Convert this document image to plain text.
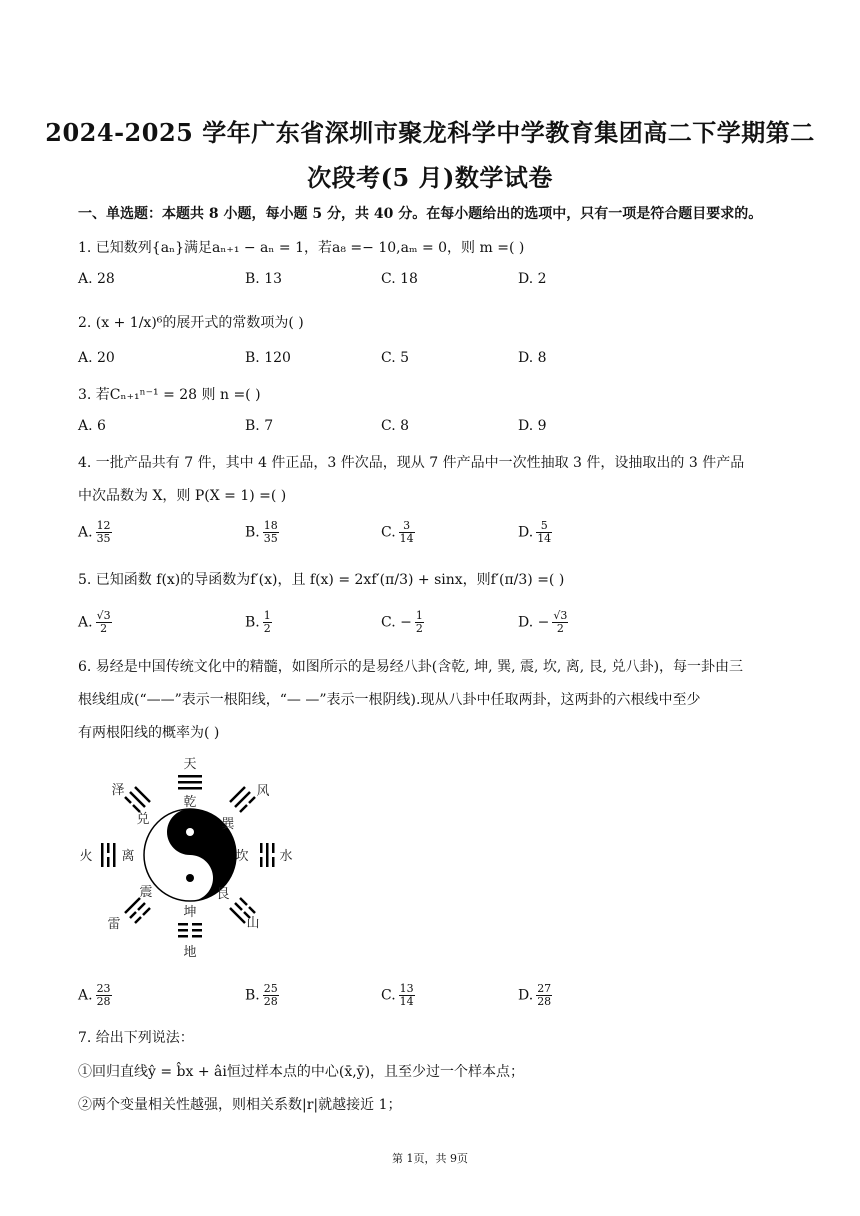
2024-2025 学年广东省深圳市聚龙科学中学教育集团高二下学期第二
次段考(5 月)数学试卷
一、单选题：本题共 8 小题，每小题 5 分，共 40 分。在每小题给出的选项中，只有一项是符合题目要求的。
1. 已知数列{aₙ}满足aₙ₊₁ − aₙ = 1，若a₈ =− 10,aₘ = 0，则 m =( )
A. 28	B. 13	C. 18	D. 2
2. (x + 1/x)⁶的展开式的常数项为( )
A. 20	B. 120	C. 5	D. 8
3. 若Cₙ₊₁ⁿ⁻¹ = 28 则 n =( )
A. 6	B. 7	C. 8	D. 9
4. 一批产品共有 7 件，其中 4 件正品，3 件次品，现从 7 件产品中一次性抽取 3 件，设抽取出的 3 件产品
中次品数为 X，则 P(X = 1) =( )
A. $\frac{12}{35}$	B. $\frac{18}{35}$	C. $\frac{3}{14}$	D. $\frac{5}{14}$
5. 已知函数 f(x)的导函数为f′(x)，且 f(x) = 2xf′(π/3) + sinx，则f′(π/3) =( )
A. $\frac{√3}{2}$	B. $\frac{1}{2}$	C. − $\frac{1}{2}$	D. − $\frac{√3}{2}$
6. 易经是中国传统文化中的精髓，如图所示的是易经八卦(含乾, 坤, 巽, 震, 坎, 离, 艮, 兑八卦)，每一卦由三
根线组成(“——”表示一根阳线，“— —”表示一根阴线).现从八卦中任取两卦，这两卦的六根线中至少
有两根阳线的概率为( )
天
风
水
山
地
雷
火
泽
乾
巽
坎
艮
坤
震
离
兑
A. $\frac{23}{28}$	B. $\frac{25}{28}$	C. $\frac{13}{14}$	D. $\frac{27}{28}$
7. 给出下列说法：
①回归直线ŷ = b̂x + âi恒过样本点的中心(x̄,ȳ)，且至少过一个样本点；
②两个变量相关性越强，则相关系数|r|就越接近 1；
第 1页，共 9页
